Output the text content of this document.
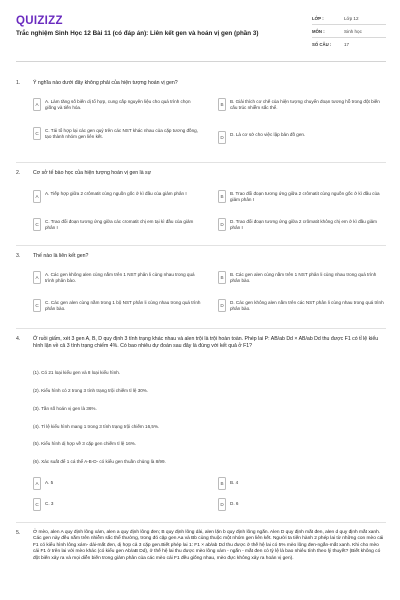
QUIZIZZ
Trắc nghiệm Sinh Học 12 Bài 11 (có đáp án): Liên kết gen và hoán vị gen (phần 3)
LỚP :	Lớp 12
MÔN :	Sinh học
SỐ CÂU :	17
1. Ý nghĩa nào dưới đây không phải của hiện tượng hoán vị gen?
A
A. Làm tăng số biến dị tổ hợp, cung cấp nguyên liệu cho quá trình chọn giống và tiến hóa.	B
B. Giải thích cơ chế của hiện tượng chuyển đoạn tương hỗ trong đột biến cấu trúc nhiễm sắc thể.
C
C. Tái tổ hợp lại các gen quý trên các NST khác nhau của cặp tương đồng, tạo thành nhóm gen liên kết.	D
D. Là cơ sở cho việc lập bản đồ gen.
2. Cơ sở tế bào học của hiện tượng hoán vị gen là sự
A
A. Tiếp hợp giữa 2 crômatit cùng nguồn gốc ở kì đầu của giảm phân I
B
B. Trao đổi đoạn tương ứng giữa 2 crômatit cùng nguồn gốc ở kì đầu của giảm phân I
C
C. Trao đổi đoạn tương ứng giữa các cromatit chị em tại kì đầu của giảm phân I	D
D. Trao đổi đoạn tương ứng giữa 2 crômatit không chị em ở kì đầu giảm phân I
3. Thế nào là liên kết gen?
A
A. Các gen không alen cùng nằm trên 1 NST phân li cùng nhau trong quá trình phân bào.	B
B. Các gen alen cùng nằm trên 1 NST phân li cùng nhau trong quá trình phân bào.
C
C. Các gen alen cùng nằm trong 1 bộ NST phân li cùng nhau trong quá trình phân bào.	D
D. Các gen không alen nằm trên các NST phân li cùng nhau trong quá trình phân bào.
4. Ở ruồi giấm, xét 3 gen A, B, D quy định 3 tính trạng khác nhau và alen trội là trội hoàn toàn. Phép lai P: AB/ab Dd × AB/ab Dd thu được F1 có tỉ lệ kiểu hình lặn về cả 3 tính trạng chiếm 4%. Có bao nhiêu dự đoán sau đây là đúng với kết quả ở F1?
(1). Có 21 loại kiểu gen và 8 loại kiểu hình.
(2). Kiểu hình có 2 trong 3 tính trạng trội chiếm tỉ lệ 30%.
(3). Tần số hoán vị gen là 36%.
(4). Tỉ lệ kiểu hình mang 1 trong 3 tính trạng trội chiếm 16,5%.
(5). Kiểu hình dị hợp về 3 cặp gen chiếm tỉ lệ 16%.
(6). Xác suất để 1 cá thể A-B-D- có kiểu gen thuần chủng là 8/99.
A	A. 5	B	B. 4
C	C. 3	D	D. 6
5.	Ở mèo, alen A quy định lông xám, alen a quy định lông đen; B quy định lông dài, alen lặn b quy định lông ngắn. Alen D quy định mắt đen, alen d quy định mắt xanh. Các gen này đều nằm trên nhiễm sắc thể thường, trong đó cặp gen Aa và Bb cùng thuộc một nhóm gen liên kết. Người ta tiến hành 2 phép lai từ những con mèo cái F1 có kiểu hình lông xám- dài-mắt đen, dị hợp cả 3 cặp gen.Biết phép lai 1: F1 × ab/ab Dd thu được ở thế hệ lai có 5% mèo lông đen-ngắn-mắt xanh. Khi cho mèo cái F1 ở trên lai với mèo khác (có kiểu gen Ab/aB Dd), ở thế hệ lai thu được mèo lông xám - ngắn - mắt đen có tỷ lệ là bao nhiêu tính theo lý thuyết? (Biết không có đột biến xảy ra và mọi diễn biến trong giảm phân của các mèo cái F1 đều giống nhau, mèo đực không xảy ra hoán vị gen).
